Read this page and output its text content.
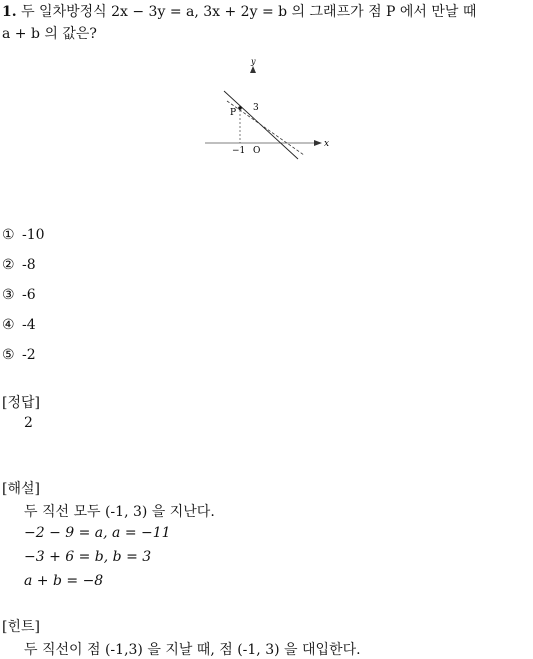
1. 두 일차방정식 2x − 3y = a, 3x + 2y = b 의 그래프가 점 P 에서 만날 때
a + b 의 값은?
x
y
P 3
−1 O
① -10
② -8
③ -6
④ -4
⑤ -2
[정답]
2
[해설]
두 직선 모두 (-1, 3) 을 지난다.
−2 − 9 = a, a = −11
−3 + 6 = b, b = 3
a + b = −8
[힌트]
두 직선이 점 (-1,3) 을 지날 때, 점 (-1, 3) 을 대입한다.
